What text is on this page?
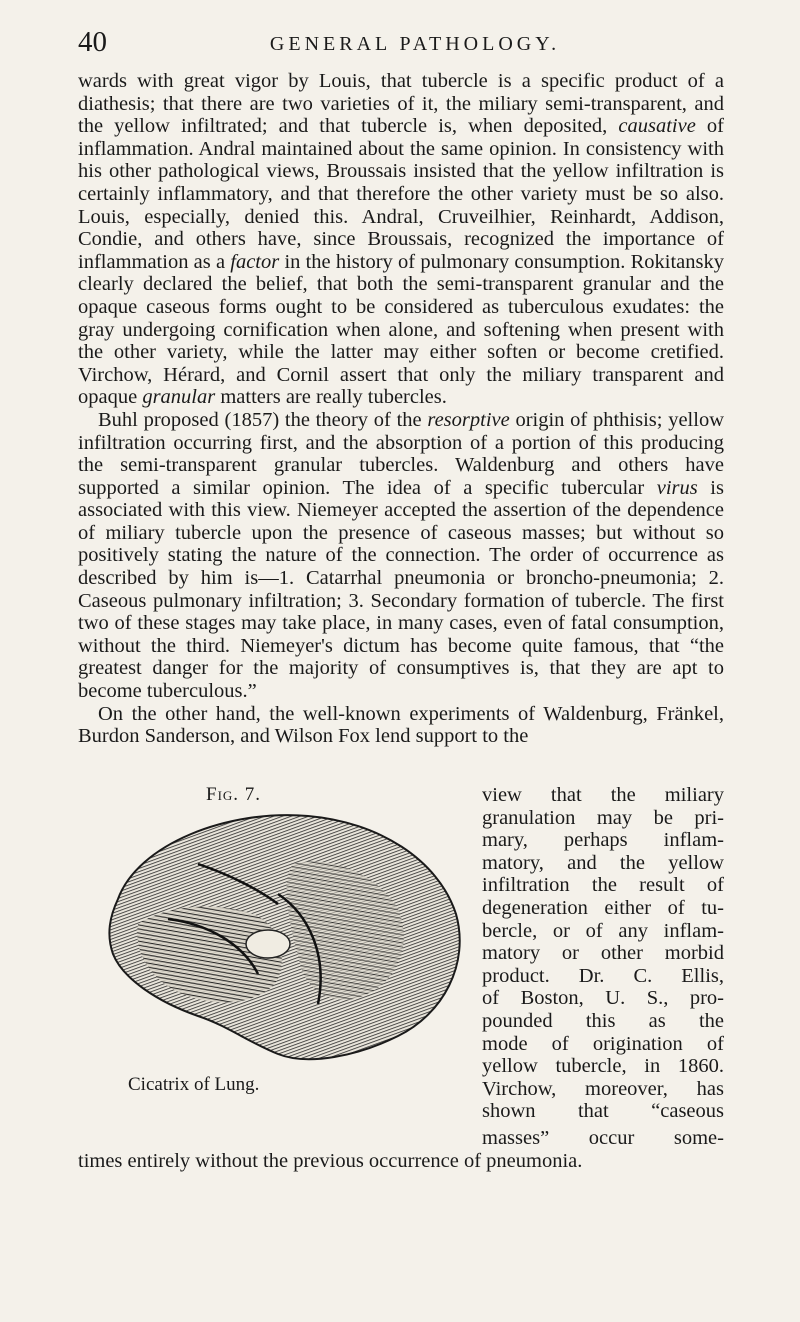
40	GENERAL PATHOLOGY.

wards with great vigor by Louis, that tubercle is a specific product of a diathesis; that there are two varieties of it, the miliary semi-transparent, and the yellow infiltrated; and that tubercle is, when deposited, causative of inflammation. Andral maintained about the same opinion. In consistency with his other pathological views, Broussais insisted that the yellow infiltration is certainly inflammatory, and that therefore the other variety must be so also. Louis, especially, denied this. Andral, Cruveilhier, Reinhardt, Addison, Condie, and others have, since Broussais, recognized the importance of inflammation as a factor in the history of pulmonary consumption. Rokitansky clearly declared the belief, that both the semi-transparent granular and the opaque caseous forms ought to be considered as tuberculous exudates: the gray undergoing cornification when alone, and softening when present with the other variety, while the latter may either soften or become cretified. Virchow, Hérard, and Cornil assert that only the miliary transparent and opaque granular matters are really tubercles.

Buhl proposed (1857) the theory of the resorptive origin of phthisis; yellow infiltration occurring first, and the absorption of a portion of this producing the semi-transparent granular tubercles. Waldenburg and others have supported a similar opinion. The idea of a specific tubercular virus is associated with this view. Niemeyer accepted the assertion of the dependence of miliary tubercle upon the presence of caseous masses; but without so positively stating the nature of the connection. The order of occurrence as described by him is—1. Catarrhal pneumonia or broncho-pneumonia; 2. Caseous pulmonary infiltration; 3. Secondary formation of tubercle. The first two of these stages may take place, in many cases, even of fatal consumption, without the third. Niemeyer's dictum has become quite famous, that “the greatest danger for the majority of consumptives is, that they are apt to become tuberculous.”

On the other hand, the well-known experiments of Waldenburg, Fränkel, Burdon Sanderson, and Wilson Fox lend support to the

Fig. 7.
Cicatrix of Lung.
view that the miliary
granulation may be pri-
mary, perhaps inflam-
matory, and the yellow
infiltration the result of
degeneration either of tu-
bercle, or of any inflam-
matory or other morbid
product. Dr. C. Ellis,
of Boston, U. S., pro-
pounded this as the
mode of origination of
yellow tubercle, in 1860.
Virchow, moreover, has
shown that “caseous
masses” occur some-
times entirely without the previous occurrence of pneumonia.
